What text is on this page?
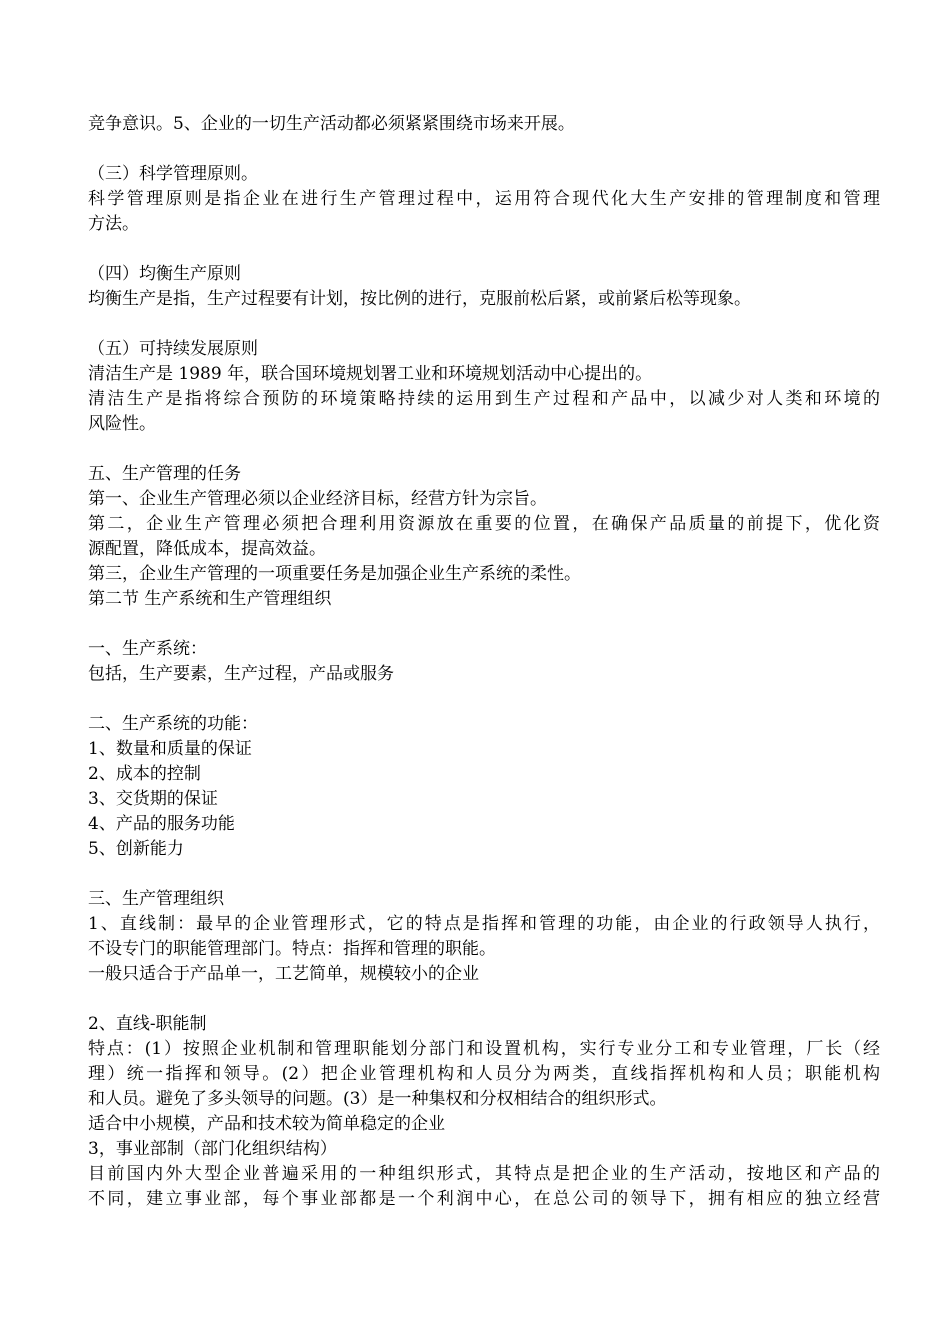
竞争意识。5、企业的一切生产活动都必须紧紧围绕市场来开展。
（三）科学管理原则。
科学管理原则是指企业在进行生产管理过程中，运用符合现代化大生产安排的管理制度和管理
方法。
（四）均衡生产原则
均衡生产是指，生产过程要有计划，按比例的进行，克服前松后紧，或前紧后松等现象。
（五）可持续发展原则
清洁生产是 1989 年，联合国环境规划署工业和环境规划活动中心提出的。
清洁生产是指将综合预防的环境策略持续的运用到生产过程和产品中，以减少对人类和环境的
风险性。
五、生产管理的任务
第一、企业生产管理必须以企业经济目标，经营方针为宗旨。
第二，企业生产管理必须把合理利用资源放在重要的位置，在确保产品质量的前提下，优化资
源配置，降低成本，提高效益。
第三，企业生产管理的一项重要任务是加强企业生产系统的柔性。
第二节 生产系统和生产管理组织
一、生产系统：
包括，生产要素，生产过程，产品或服务
二、生产系统的功能：
1、数量和质量的保证
2、成本的控制
3、交货期的保证
4、产品的服务功能
5、创新能力
三、生产管理组织
1、直线制：最早的企业管理形式，它的特点是指挥和管理的功能，由企业的行政领导人执行，
不设专门的职能管理部门。特点：指挥和管理的职能。
一般只适合于产品单一，工艺简单，规模较小的企业
2、直线-职能制
特点：(1）按照企业机制和管理职能划分部门和设置机构，实行专业分工和专业管理，厂长（经
理）统一指挥和领导。(2）把企业管理机构和人员分为两类，直线指挥机构和人员；职能机构
和人员。避免了多头领导的问题。(3）是一种集权和分权相结合的组织形式。
适合中小规模，产品和技术较为简单稳定的企业
3，事业部制（部门化组织结构）
目前国内外大型企业普遍采用的一种组织形式，其特点是把企业的生产活动，按地区和产品的
不同，建立事业部，每个事业部都是一个利润中心，在总公司的领导下，拥有相应的独立经营
